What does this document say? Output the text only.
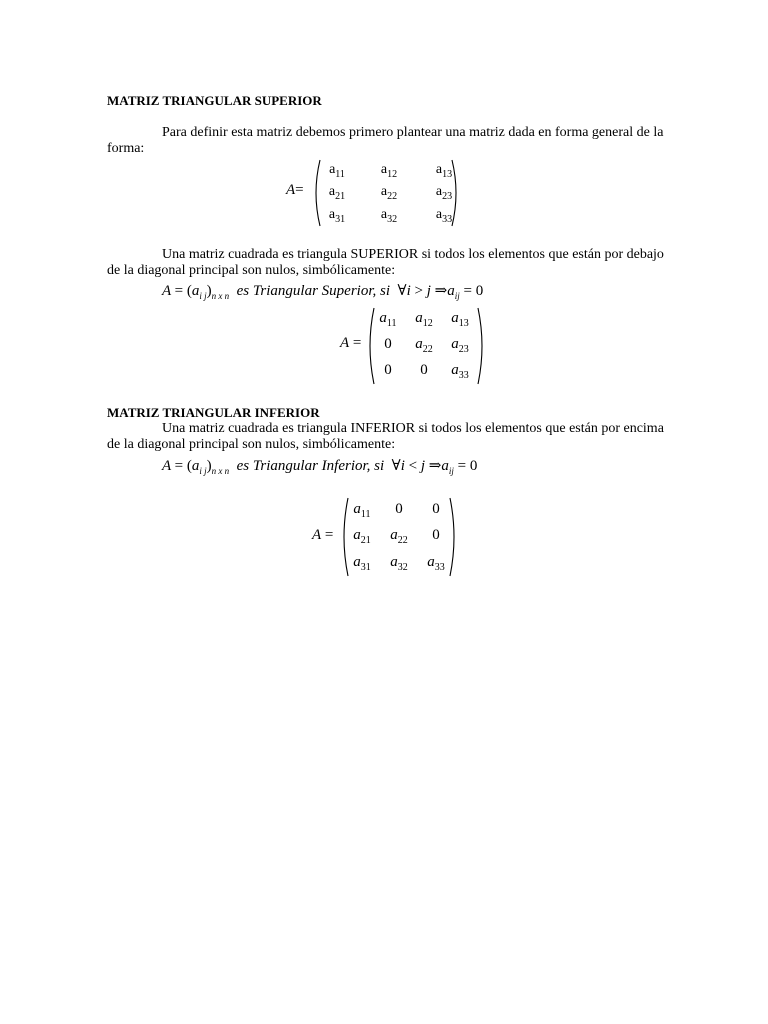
MATRIZ TRIANGULAR SUPERIOR
Para definir esta matriz debemos primero plantear una matriz dada en forma general de la
forma:
A=
$a_{11}$	$a_{12}$	$a_{13}$
$a_{21}$	$a_{22}$	$a_{23}$
$a_{31}$	$a_{32}$	$a_{33}$
Una matriz cuadrada es triangula SUPERIOR si todos los elementos que están por debajo
de la diagonal principal son nulos, simbólicamente:
$A = (a_{i j})_{n x n}$ es Triangular Superior, si ∀i > j $\Rightarrow a_{ij} = 0$
A =
$a_{11}$	$a_{12}$	$a_{13}$
0	$a_{22}$	$a_{23}$
0	0	$a_{33}$
MATRIZ TRIANGULAR INFERIOR
Una matriz cuadrada es triangula INFERIOR si todos los elementos que están por encima
de la diagonal principal son nulos, simbólicamente:
$A = (a_{i j})_{n x n}$ es Triangular Inferior, si ∀i < j $\Rightarrow a_{ij} = 0$
A =
$a_{11}$	0	0
$a_{21}$	$a_{22}$	0
$a_{31}$	$a_{32}$	$a_{33}$
